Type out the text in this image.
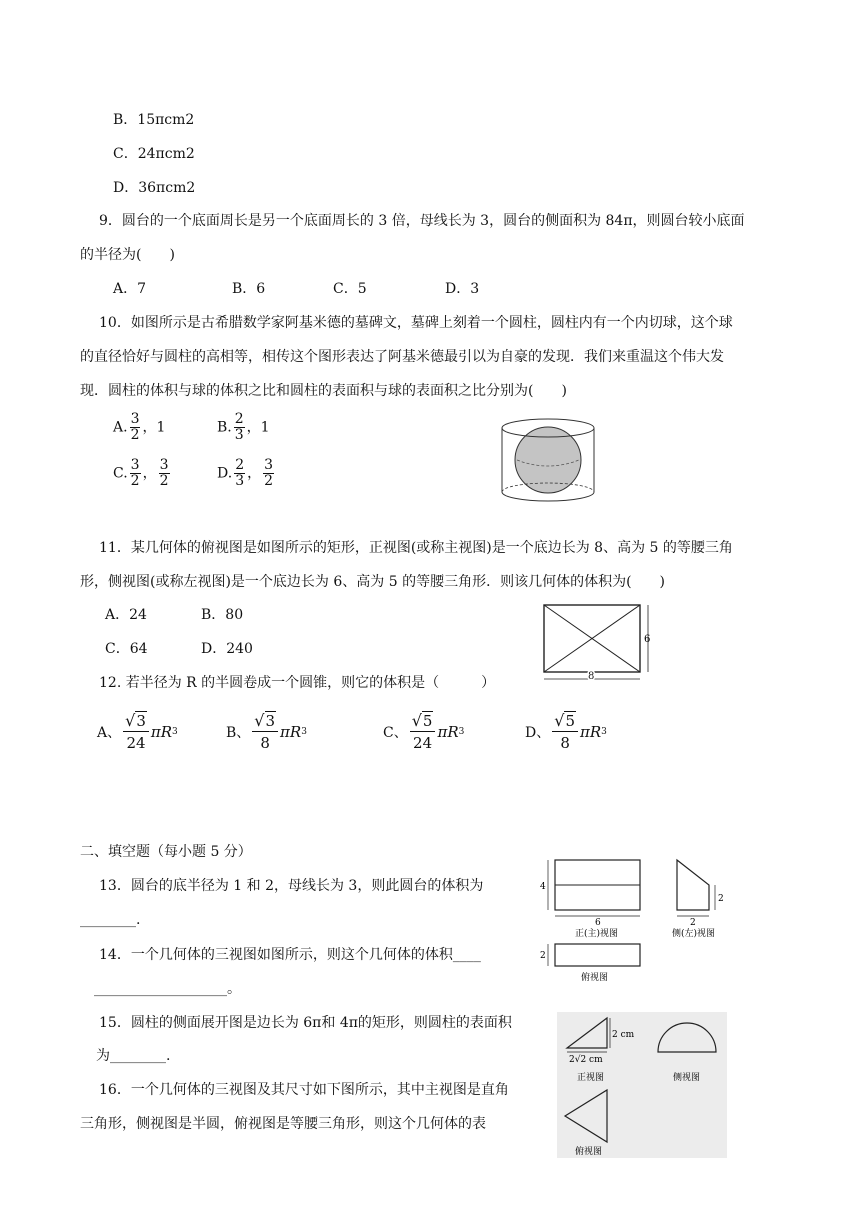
B．15πcm2
C．24πcm2
D．36πcm2
9．圆台的一个底面周长是另一个底面周长的 3 倍，母线长为 3，圆台的侧面积为 84π，则圆台较小底面
的半径为(　　)
A．7	B．6	C．5	D．3
10．如图所示是古希腊数学家阿基米德的墓碑文，墓碑上刻着一个圆柱，圆柱内有一个内切球，这个球
的直径恰好与圆柱的高相等，相传这个图形表达了阿基米德最引以为自豪的发现．我们来重温这个伟大发
现．圆柱的体积与球的体积之比和圆柱的表面积与球的表面积之比分别为(　　)
A. $\frac{3}{2}$ ，1	B. $\frac{2}{3}$ ，1
C. $\frac{3}{2}$ ， $\frac{3}{2}$	D. $\frac{2}{3}$ ， $\frac{3}{2}$
11．某几何体的俯视图是如图所示的矩形，正视图(或称主视图)是一个底边长为 8、高为 5 的等腰三角
形，侧视图(或称左视图)是一个底边长为 6、高为 5 的等腰三角形．则该几何体的体积为(　　)
A．24	B．80
C．64	D．240
6
8
12. 若半径为 R 的半圆卷成一个圆锥，则它的体积是（　　　）
A、
√3
24
πR 3	B、
√3
8
πR 3	C、
√5
24
πR 3	D、
√5
8
πR 3
二、填空题（每小题 5 分）
13．圆台的底半径为 1 和 2，母线长为 3，则此圆台的体积为
________.
14．一个几何体的三视图如图所示，则这个几何体的体积____
___________________。
4
6
正(主)视图
2
2
侧(左)视图
2
俯视图
15．圆柱的侧面展开图是边长为 6π和 4π的矩形，则圆柱的表面积
为________.
16．一个几何体的三视图及其尺寸如下图所示，其中主视图是直角
三角形，侧视图是半圆，俯视图是等腰三角形，则这个几何体的表
2 cm
2√2 cm
正视图	侧视图
俯视图
